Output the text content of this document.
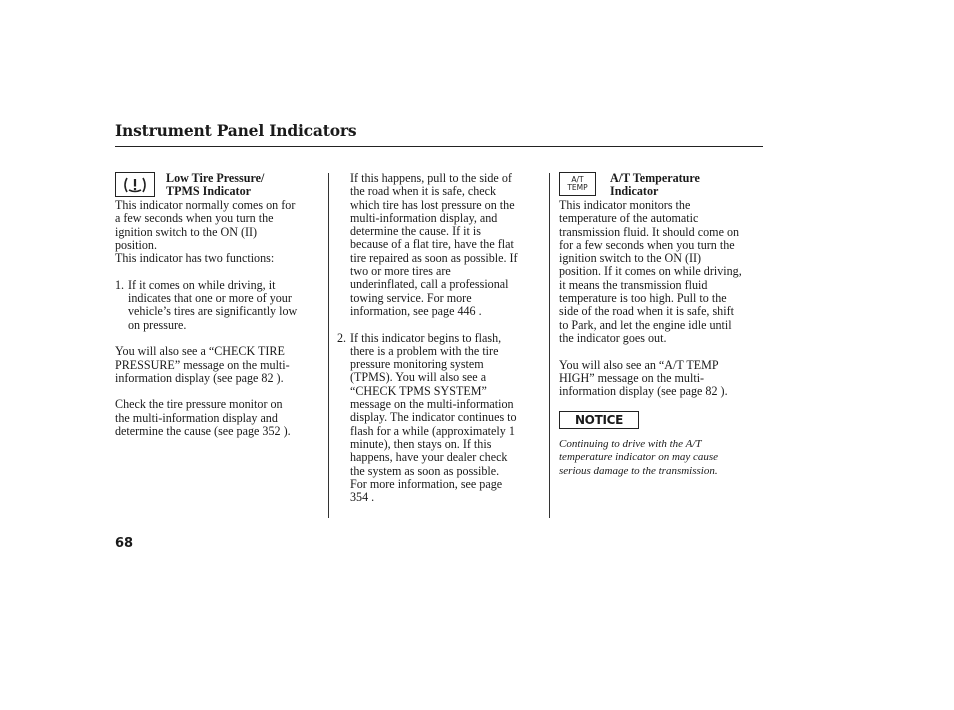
Instrument Panel Indicators
Low Tire Pressure/
TPMS Indicator

This indicator normally comes on for

a few seconds when you turn the

ignition switch to the ON (II)

position.

This indicator has two functions:

1. If it comes on while driving, it

indicates that one or more of your

vehicle’s tires are significantly low

on pressure.

You will also see a “CHECK TIRE

PRESSURE” message on the multi-

information display (see page 82 ).

Check the tire pressure monitor on

the multi-information display and

determine the cause (see page 352 ).

If this happens, pull to the side of

the road when it is safe, check

which tire has lost pressure on the

multi-information display, and

determine the cause. If it is

because of a flat tire, have the flat

tire repaired as soon as possible. If

two or more tires are

underinflated, call a professional

towing service. For more

information, see page 446 .

2. If this indicator begins to flash,

there is a problem with the tire

pressure monitoring system

(TPMS). You will also see a

“CHECK TPMS SYSTEM”

message on the multi-information

display. The indicator continues to

flash for a while (approximately 1

minute), then stays on. If this

happens, have your dealer check

the system as soon as possible.

For more information, see page

354 .

A/T
TEMP
A/T Temperature
Indicator

This indicator monitors the

temperature of the automatic

transmission fluid. It should come on

for a few seconds when you turn the

ignition switch to the ON (II)

position. If it comes on while driving,

it means the transmission fluid

temperature is too high. Pull to the

side of the road when it is safe, shift

to Park, and let the engine idle until

the indicator goes out.

You will also see an “A/T TEMP

HIGH” message on the multi-

information display (see page 82 ).

NOTICE

Continuing to drive with the A/T

temperature indicator on may cause

serious damage to the transmission.

68
